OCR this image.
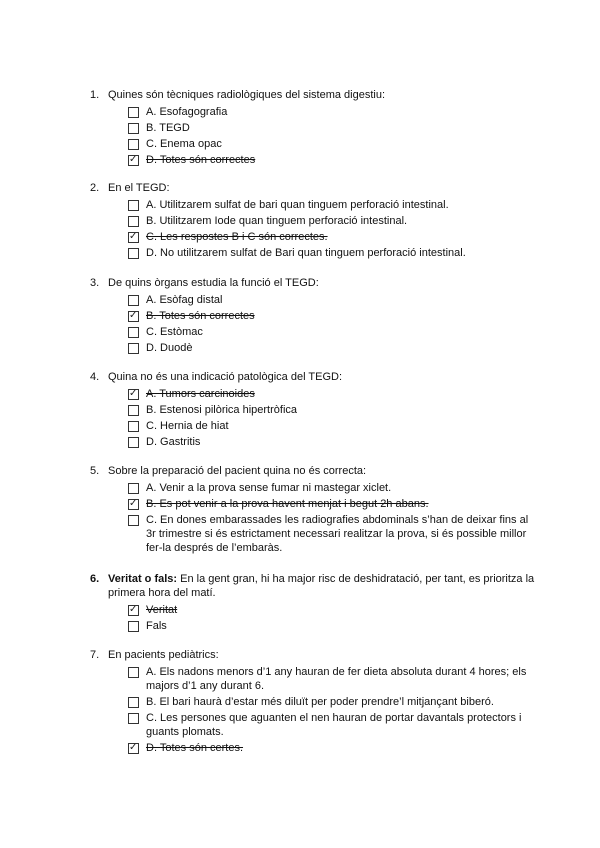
1. Quines són tècniques radiològiques del sistema digestiu:
A. Esofagografia
B. TEGD
C. Enema opac
✓
D. Totes són correctes
2. En el TEGD:
A. Utilitzarem sulfat de bari quan tinguem perforació intestinal.
B. Utilitzarem Iode quan tinguem perforació intestinal.
✓
C. Les respostes B i C són correctes.
D. No utilitzarem sulfat de Bari quan tinguem perforació intestinal.
3. De quins òrgans estudia la funció el TEGD:
A. Esòfag distal
✓
B. Totes són correctes
C. Estòmac
D. Duodè
4. Quina no és una indicació patològica del TEGD:
✓
A. Tumors carcinoides
B. Estenosi pilòrica hipertròfica
C. Hernia de hiat
D. Gastritis
5. Sobre la preparació del pacient quina no és correcta:
A. Venir a la prova sense fumar ni mastegar xiclet.
✓
B. Es pot venir a la prova havent menjat i begut 2h abans.
C. En dones embarassades les radiografies abdominals s’han de deixar fins al 3r trimestre si és estrictament necessari realitzar la prova, si és possible millor fer-la després de l’embaràs.
6. Veritat o fals: En la gent gran, hi ha major risc de deshidratació, per tant, es prioritza la primera hora del matí.
✓
Veritat
Fals
7. En pacients pediàtrics:
A. Els nadons menors d’1 any hauran de fer dieta absoluta durant 4 hores; els majors d’1 any durant 6.
B. El bari haurà d’estar més diluït per poder prendre’l mitjançant biberó.
C. Les persones que aguanten el nen hauran de portar davantals protectors i guants plomats.
✓
D. Totes són certes.
